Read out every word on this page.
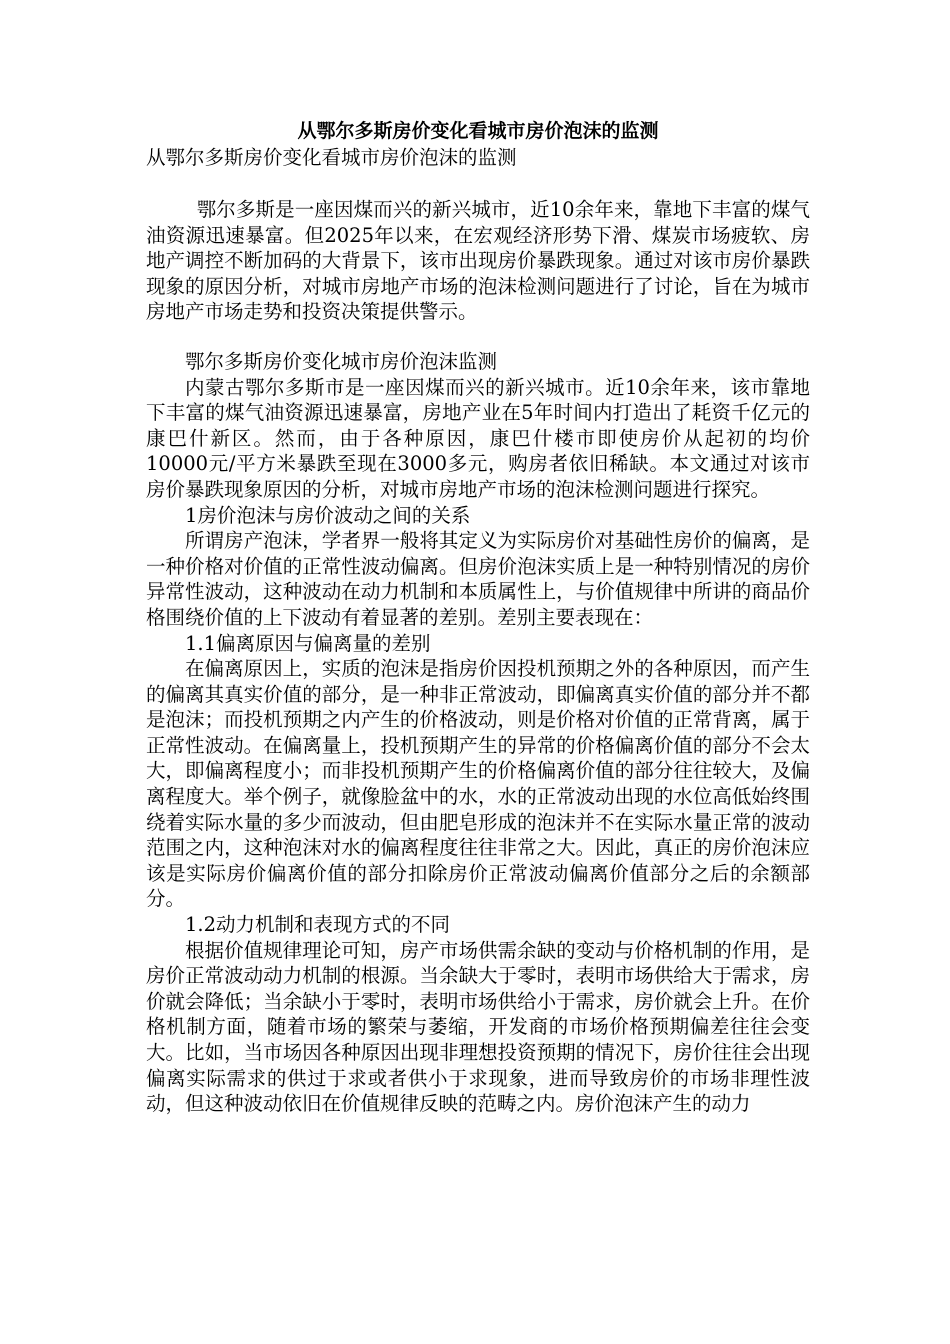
从鄂尔多斯房价变化看城市房价泡沫的监测

从鄂尔多斯房价变化看城市房价泡沫的监测

鄂尔多斯是一座因煤而兴的新兴城市，近10余年来，靠地下丰富的煤气油资源迅速暴富。但2025年以来，在宏观经济形势下滑、煤炭市场疲软、房地产调控不断加码的大背景下，该市出现房价暴跌现象。通过对该市房价暴跌现象的原因分析，对城市房地产市场的泡沫检测问题进行了讨论，旨在为城市房地产市场走势和投资决策提供警示。

鄂尔多斯房价变化城市房价泡沫监测

内蒙古鄂尔多斯市是一座因煤而兴的新兴城市。近10余年来，该市靠地下丰富的煤气油资源迅速暴富，房地产业在5年时间内打造出了耗资千亿元的康巴什新区。然而，由于各种原因，康巴什楼市即使房价从起初的均价10000元/平方米暴跌至现在3000多元，购房者依旧稀缺。本文通过对该市房价暴跌现象原因的分析，对城市房地产市场的泡沫检测问题进行探究。

1房价泡沫与房价波动之间的关系

所谓房产泡沫，学者界一般将其定义为实际房价对基础性房价的偏离，是一种价格对价值的正常性波动偏离。但房价泡沫实质上是一种特别情况的房价异常性波动，这种波动在动力机制和本质属性上，与价值规律中所讲的商品价格围绕价值的上下波动有着显著的差别。差别主要表现在：

1.1偏离原因与偏离量的差别

在偏离原因上，实质的泡沫是指房价因投机预期之外的各种原因，而产生的偏离其真实价值的部分，是一种非正常波动，即偏离真实价值的部分并不都是泡沫；而投机预期之内产生的价格波动，则是价格对价值的正常背离，属于正常性波动。在偏离量上，投机预期产生的异常的价格偏离价值的部分不会太大，即偏离程度小；而非投机预期产生的价格偏离价值的部分往往较大，及偏离程度大。举个例子，就像脸盆中的水，水的正常波动出现的水位高低始终围绕着实际水量的多少而波动，但由肥皂形成的泡沫并不在实际水量正常的波动范围之内，这种泡沫对水的偏离程度往往非常之大。因此，真正的房价泡沫应该是实际房价偏离价值的部分扣除房价正常波动偏离价值部分之后的余额部分。

1.2动力机制和表现方式的不同

根据价值规律理论可知，房产市场供需余缺的变动与价格机制的作用，是房价正常波动动力机制的根源。当余缺大于零时，表明市场供给大于需求，房价就会降低；当余缺小于零时，表明市场供给小于需求，房价就会上升。在价格机制方面，随着市场的繁荣与萎缩，开发商的市场价格预期偏差往往会变大。比如，当市场因各种原因出现非理想投资预期的情况下，房价往往会出现偏离实际需求的供过于求或者供小于求现象，进而导致房价的市场非理性波动，但这种波动依旧在价值规律反映的范畴之内。房价泡沫产生的动力
